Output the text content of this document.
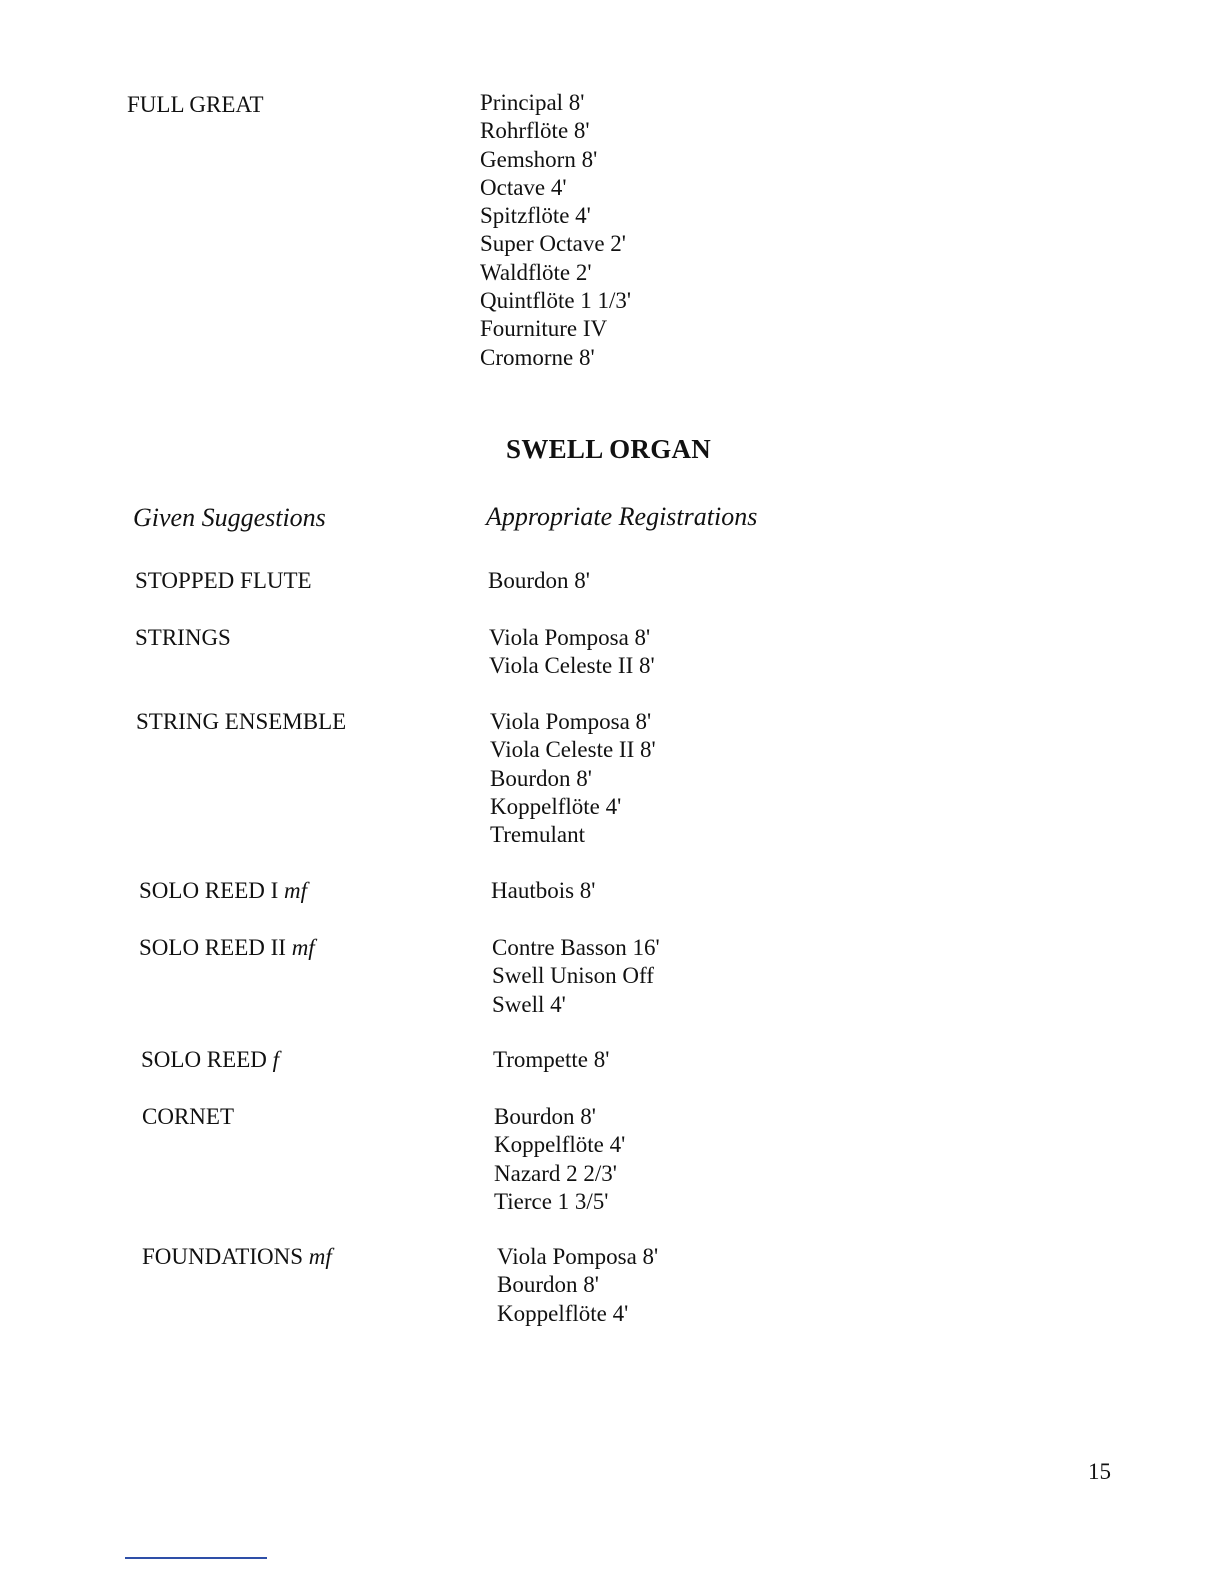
FULL GREAT	Principal 8'
Rohrflöte 8'
Gemshorn 8'
Octave 4'
Spitzflöte 4'
Super Octave 2'
Waldflöte 2'
Quintflöte 1 1/3'
Fourniture IV
Cromorne 8'
SWELL ORGAN
Given Suggestions	Appropriate Registrations
STOPPED FLUTE	Bourdon 8'
STRINGS	Viola Pomposa 8'
Viola Celeste II 8'
STRING ENSEMBLE	Viola Pomposa 8'
Viola Celeste II 8'
Bourdon 8'
Koppelflöte 4'
Tremulant
SOLO REED I mf	Hautbois 8'
SOLO REED II mf	Contre Basson 16'
Swell Unison Off
Swell 4'
SOLO REED f	Trompette 8'
CORNET	Bourdon 8'
Koppelflöte 4'
Nazard 2 2/3'
Tierce 1 3/5'
FOUNDATIONS mf	Viola Pomposa 8'
Bourdon 8'
Koppelflöte 4'
15
